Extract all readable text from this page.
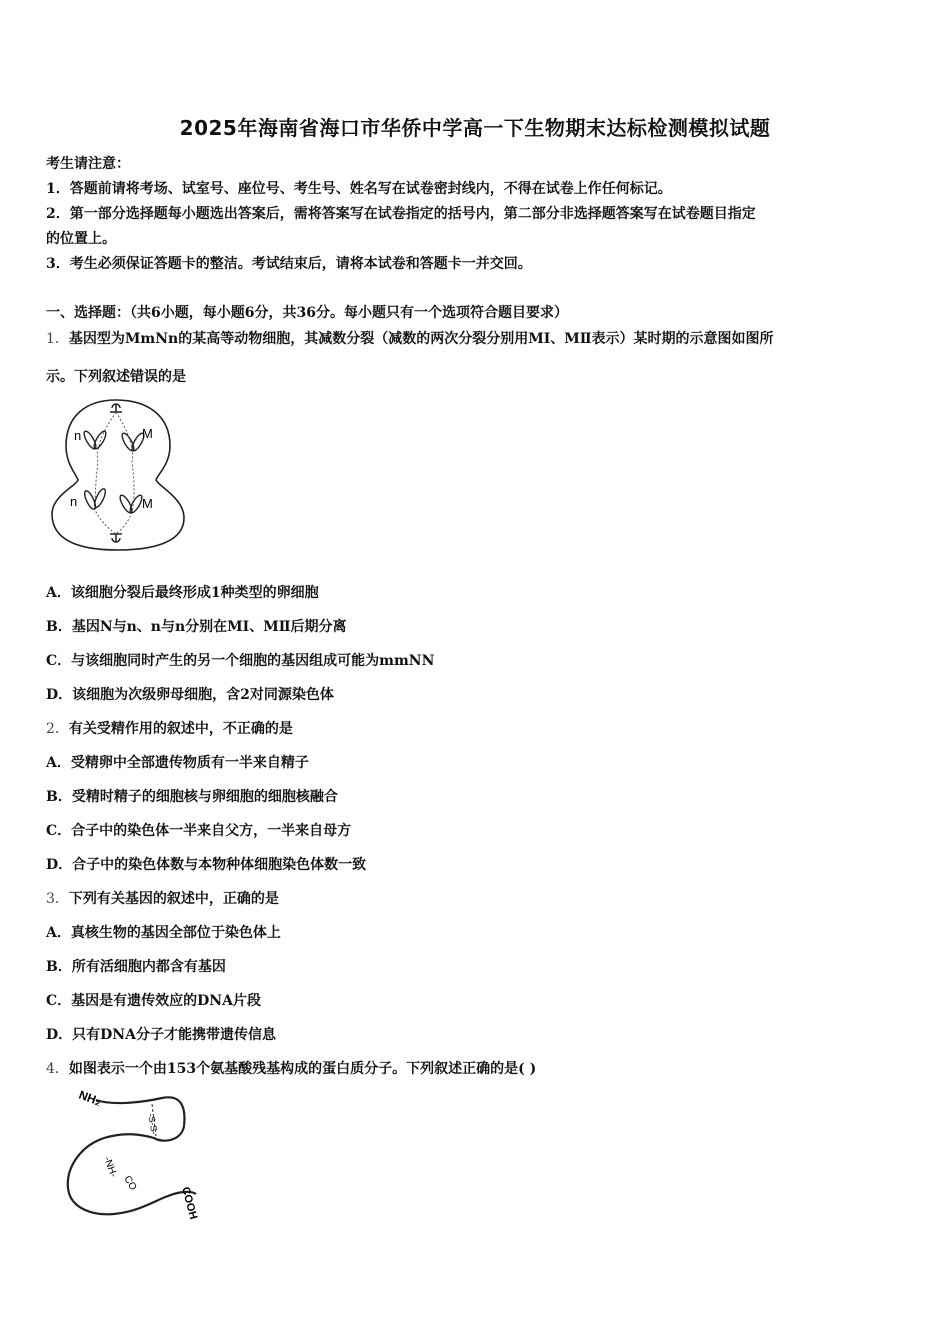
2025年海南省海口市华侨中学高一下生物期末达标检测模拟试题
考生请注意：
1．答题前请将考场、试室号、座位号、考生号、姓名写在试卷密封线内，不得在试卷上作任何标记。
2．第一部分选择题每小题选出答案后，需将答案写在试卷指定的括号内，第二部分非选择题答案写在试卷题目指定
的位置上。
3．考生必须保证答题卡的整洁。考试结束后，请将本试卷和答题卡一并交回。
一、选择题：（共6小题，每小题6分，共36分。每小题只有一个选项符合题目要求）
1．基因型为MmNn的某高等动物细胞，其减数分裂（减数的两次分裂分别用MⅠ、MⅡ表示）某时期的示意图如图所
示。下列叙述错误的是
n	M
n	M
A．该细胞分裂后最终形成1种类型的卵细胞
B．基因N与n、n与n分别在MⅠ、MⅡ后期分离
C．与该细胞同时产生的另一个细胞的基因组成可能为mmNN
D．该细胞为次级卵母细胞，含2对同源染色体
2．有关受精作用的叙述中，不正确的是
A．受精卵中全部遗传物质有一半来自精子
B．受精时精子的细胞核与卵细胞的细胞核融合
C．合子中的染色体一半来自父方，一半来自母方
D．合子中的染色体数与本物种体细胞染色体数一致
3．下列有关基因的叙述中，正确的是
A．真核生物的基因全部位于染色体上
B．所有活细胞内都含有基因
C．基因是有遗传效应的DNA片段
D．只有DNA分子才能携带遗传信息
4．如图表示一个由153个氨基酸残基构成的蛋白质分子。下列叙述正确的是( )
NH₂
-S-S-
-NH-
CO
COOH
